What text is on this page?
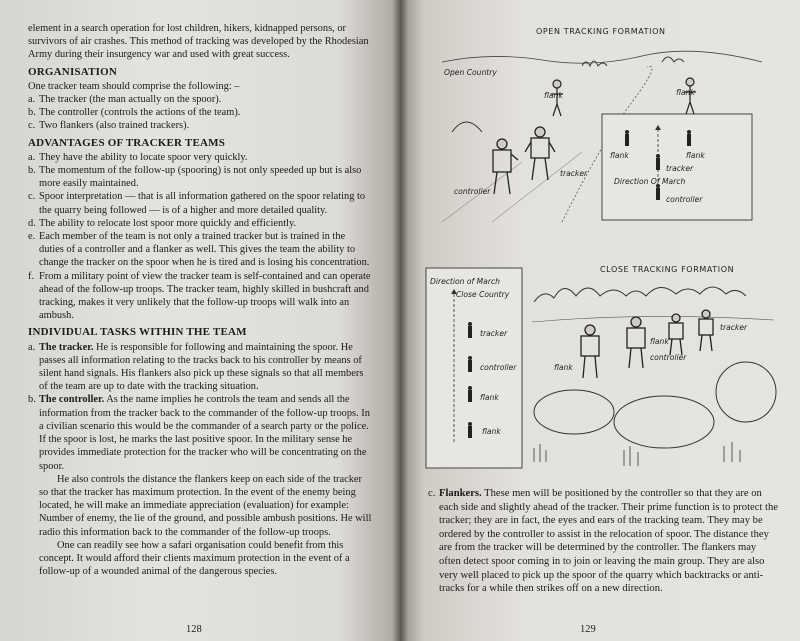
element in a search operation for lost children, hikers, kidnapped persons, or survivors of air crashes. This method of tracking was developed by the Rhodesian Army during their insurgency war and used with great success.

ORGANISATION

One tracker team should comprise the following: –

a. The tracker (the man actually on the spoor).
b. The controller (controls the actions of the team).
c. Two flankers (also trained trackers).
ADVANTAGES OF TRACKER TEAMS
a. They have the ability to locate spoor very quickly.
b. The momentum of the follow-up (spooring) is not only speeded up but is also more easily maintained.
c. Spoor interpretation — that is all information gathered on the spoor relating to the quarry being followed — is of a higher and more detailed quality.
d. The ability to relocate lost spoor more quickly and efficiently.
e. Each member of the team is not only a trained tracker but is trained in the duties of a controller and a flanker as well. This gives the team the ability to change the tracker on the spoor when he is tired and is losing his concentration.
f. From a military point of view the tracker team is self-contained and can operate ahead of the follow-up troops. The tracker team, highly skilled in bushcraft and tracking, makes it very unlikely that the follow-up troops will walk into an ambush.
INDIVIDUAL TASKS WITHIN THE TEAM
a. The tracker. He is responsible for following and maintaining the spoor. He passes all information relating to the tracks back to his controller by means of silent hand signals. His flankers also pick up these signals so that all members of the team are up to date with the tracking situation.
b. The controller. As the name implies he controls the team and sends all the information from the tracker back to the commander of the follow-up troops. In a civilian scenario this would be the commander of a search party or the police. If the spoor is lost, he marks the last positive spoor. In the military sense he provides immediate protection for the tracker who will be concentrating on the spoor.

He also controls the distance the flankers keep on each side of the tracker so that the tracker has maximum protection. In the event of the enemy being located, he will make an immediate appreciation (evaluation) for example: Number of enemy, the lie of the ground, and possible ambush positions. He will radio this information back to the commander of the follow-up troops.

One can readily see how a safari organisation could benefit from this concept. It would afford their clients maximum protection in the event of a follow-up of a wounded animal of the dangerous species.

128
OPEN TRACKING FORMATION
Open Country
flank	flank
tracker
controller
flank	flank
tracker
Direction Of March
controller
CLOSE TRACKING FORMATION
Direction of March
Close Country
tracker
controller
flank
flank
tracker
flank
flank
controller
c. Flankers. These men will be positioned by the controller so that they are on each side and slightly ahead of the tracker. Their prime function is to protect the tracker; they are in fact, the eyes and ears of the tracking team. They may be ordered by the controller to assist in the relocation of spoor. The distance they are from the tracker will be determined by the controller. The flankers may often detect spoor coming in to join or leaving the main group. They are also very well placed to pick up the spoor of the quarry which backtracks or anti-tracks for a while then strikes off on a new direction.
129
